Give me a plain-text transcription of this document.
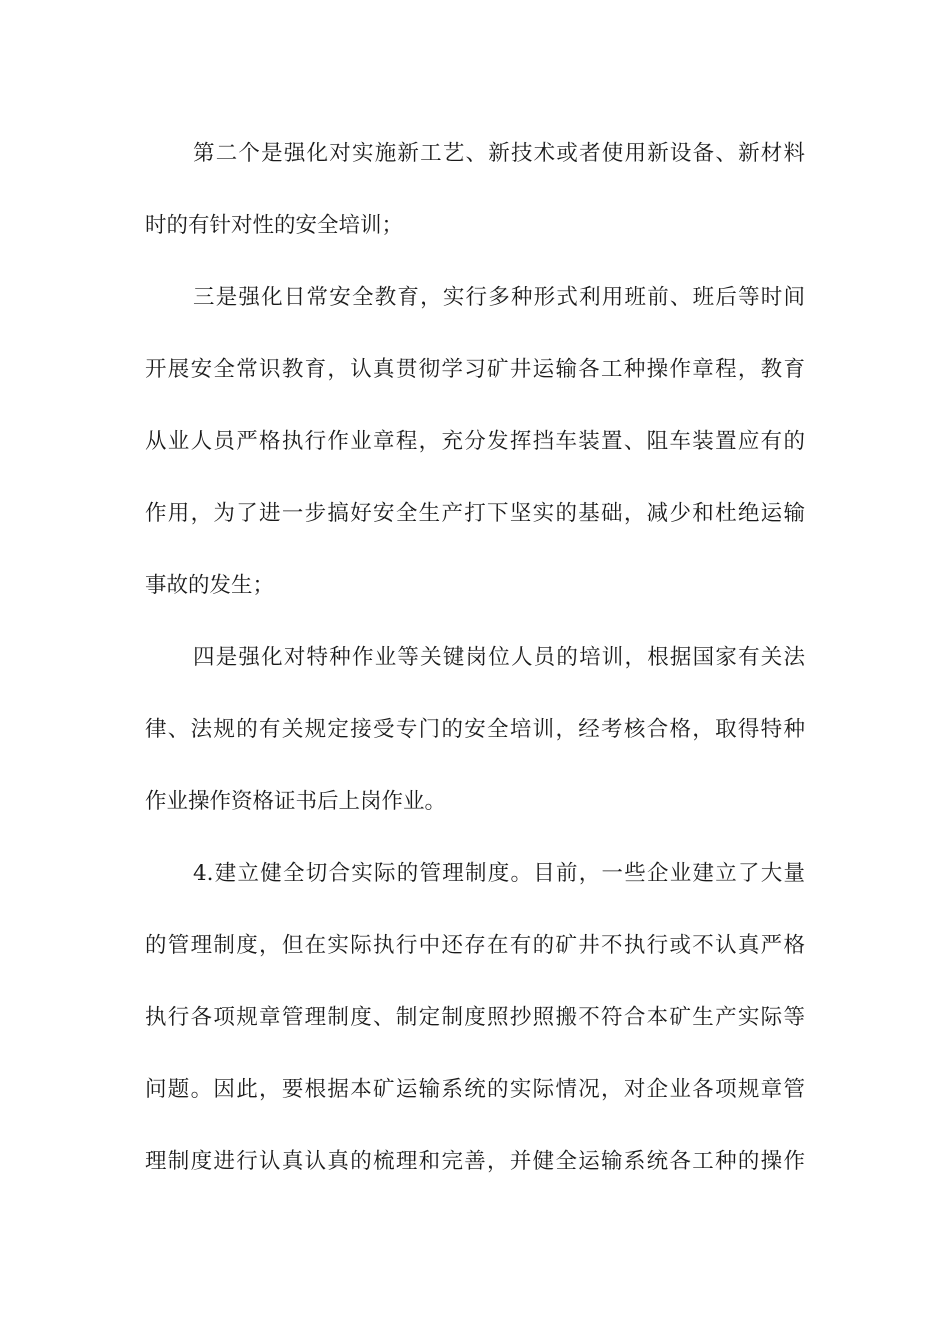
第二个是强化对实施新工艺、新技术或者使用新设备、新材料
时的有针对性的安全培训；
三是强化日常安全教育，实行多种形式利用班前、班后等时间
开展安全常识教育，认真贯彻学习矿井运输各工种操作章程，教育
从业人员严格执行作业章程，充分发挥挡车装置、阻车装置应有的
作用，为了进一步搞好安全生产打下坚实的基础，减少和杜绝运输
事故的发生；
四是强化对特种作业等关键岗位人员的培训，根据国家有关法
律、法规的有关规定接受专门的安全培训，经考核合格，取得特种
作业操作资格证书后上岗作业。
4.建立健全切合实际的管理制度。目前，一些企业建立了大量
的管理制度，但在实际执行中还存在有的矿井不执行或不认真严格
执行各项规章管理制度、制定制度照抄照搬不符合本矿生产实际等
问题。因此，要根据本矿运输系统的实际情况，对企业各项规章管
理制度进行认真认真的梳理和完善，并健全运输系统各工种的操作
